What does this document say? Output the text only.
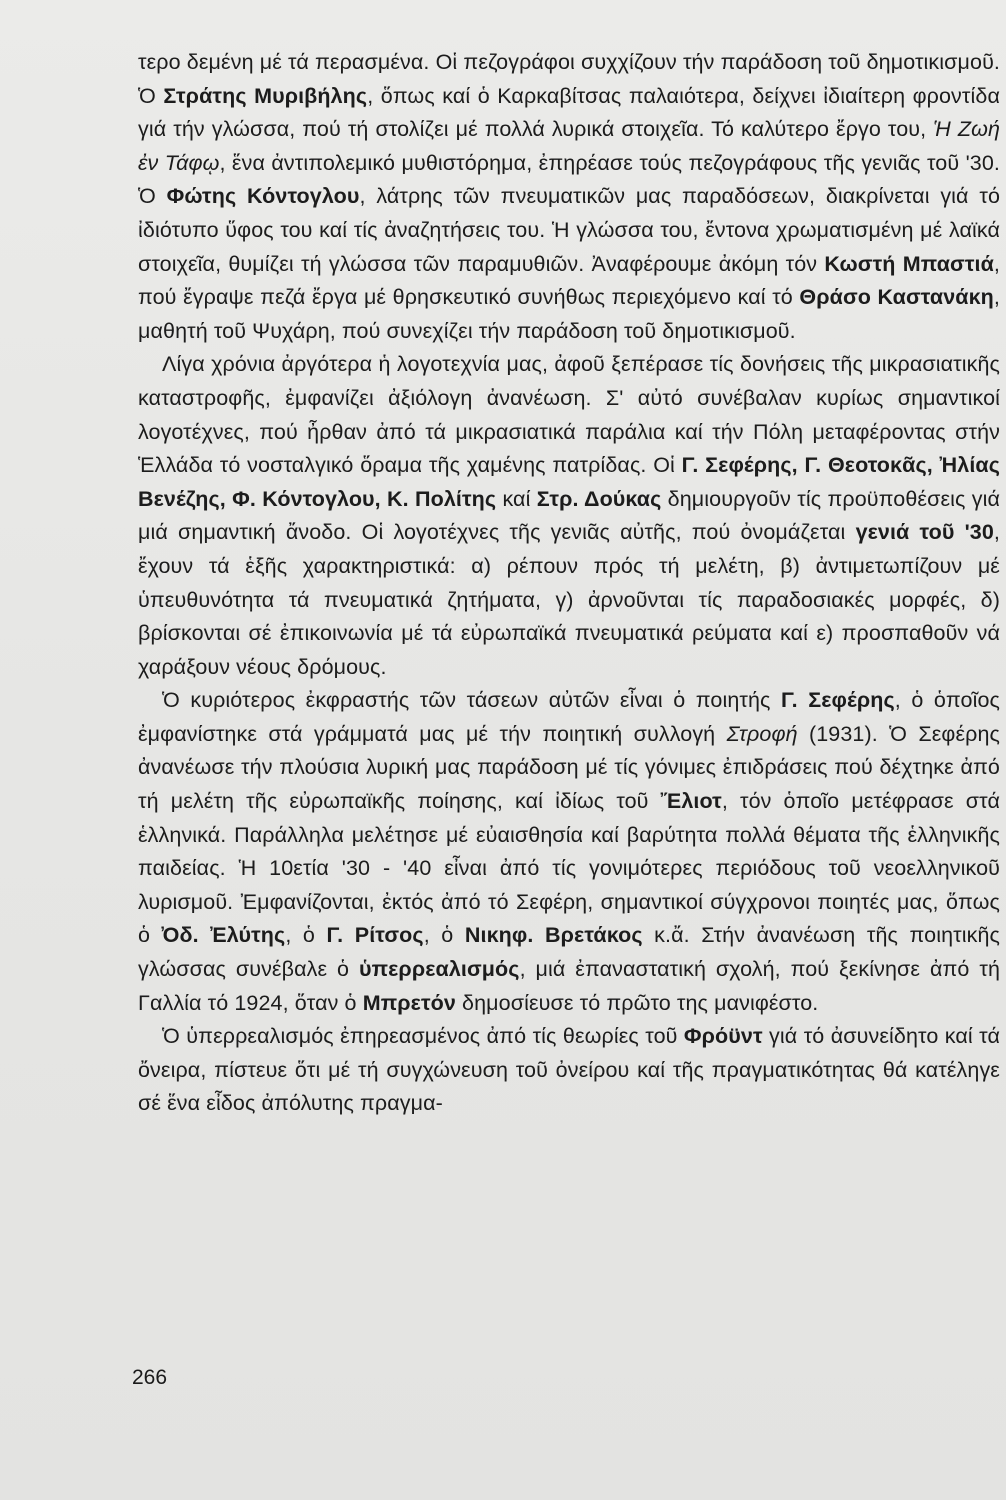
τερο δεμένη μέ τά περασμένα. Οἱ πεζογράφοι συχχίζουν τήν παράδοση τοῦ δημοτικισμοῦ. Ὁ Στράτης Μυριβήλης, ὅπως καί ὁ Καρκαβίτσας παλαιότερα, δείχνει ἰδιαίτερη φροντίδα γιά τήν γλώσσα, πού τή στολίζει μέ πολλά λυρικά στοιχεῖα. Τό καλύτερο ἔργο του, Ἡ Ζωή ἐν Τάφῳ, ἕνα ἀντιπολεμικό μυθιστόρημα, ἐπηρέασε τούς πεζογράφους τῆς γενιᾶς τοῦ '30. Ὁ Φώτης Κόντογλου, λάτρης τῶν πνευματικῶν μας παραδόσεων, διακρίνεται γιά τό ἰδιότυπο ὕφος του καί τίς ἀναζητήσεις του. Ἡ γλώσσα του, ἔντονα χρωματισμένη μέ λαϊκά στοιχεῖα, θυμίζει τή γλώσσα τῶν παραμυθιῶν. Ἀναφέρουμε ἀκόμη τόν Κωστή Μπαστιά, πού ἔγραψε πεζά ἔργα μέ θρησκευτικό συνήθως περιεχόμενο καί τό Θράσο Καστανάκη, μαθητή τοῦ Ψυχάρη, πού συνεχίζει τήν παράδοση τοῦ δημοτικισμοῦ.

Λίγα χρόνια ἀργότερα ἡ λογοτεχνία μας, ἀφοῦ ξεπέρασε τίς δονήσεις τῆς μικρασιατικῆς καταστροφῆς, ἐμφανίζει ἀξιόλογη ἀνανέωση. Σ' αὐτό συνέβαλαν κυρίως σημαντικοί λογοτέχνες, πού ἦρθαν ἀπό τά μικρασιατικά παράλια καί τήν Πόλη μεταφέροντας στήν Ἑλλάδα τό νοσταλγικό ὅραμα τῆς χαμένης πατρίδας. Οἱ Γ. Σεφέρης, Γ. Θεοτοκᾶς, Ἠλίας Βενέζης, Φ. Κόντογλου, Κ. Πολίτης καί Στρ. Δούκας δημιουργοῦν τίς προϋποθέσεις γιά μιά σημαντική ἄνοδο. Οἱ λογοτέχνες τῆς γενιᾶς αὐτῆς, πού ὀνομάζεται γενιά τοῦ '30, ἔχουν τά ἑξῆς χαρακτηριστικά: α) ρέπουν πρός τή μελέτη, β) ἀντιμετωπίζουν μέ ὑπευθυνότητα τά πνευματικά ζητήματα, γ) ἀρνοῦνται τίς παραδοσιακές μορφές, δ) βρίσκονται σέ ἐπικοινωνία μέ τά εὐρωπαϊκά πνευματικά ρεύματα καί ε) προσπαθοῦν νά χαράξουν νέους δρόμους.

Ὁ κυριότερος ἐκφραστής τῶν τάσεων αὐτῶν εἶναι ὁ ποιητής Γ. Σεφέρης, ὁ ὁποῖος ἐμφανίστηκε στά γράμματά μας μέ τήν ποιητική συλλογή Στροφή (1931). Ὁ Σεφέρης ἀνανέωσε τήν πλούσια λυρική μας παράδοση μέ τίς γόνιμες ἐπιδράσεις πού δέχτηκε ἀπό τή μελέτη τῆς εὐρωπαϊκῆς ποίησης, καί ἰδίως τοῦ Ἔλιοτ, τόν ὁποῖο μετέφρασε στά ἑλληνικά. Παράλληλα μελέτησε μέ εὐαισθησία καί βαρύτητα πολλά θέματα τῆς ἑλληνικῆς παιδείας. Ἡ 10ετία '30 - '40 εἶναι ἀπό τίς γονιμότερες περιόδους τοῦ νεοελληνικοῦ λυρισμοῦ. Ἐμφανίζονται, ἐκτός ἀπό τό Σεφέρη, σημαντικοί σύγχρονοι ποιητές μας, ὅπως ὁ Ὀδ. Ἐλύτης, ὁ Γ. Ρίτσος, ὁ Νικηφ. Βρετάκος κ.ἄ. Στήν ἀνανέωση τῆς ποιητικῆς γλώσσας συνέβαλε ὁ ὑπερρεαλισμός, μιά ἐπαναστατική σχολή, πού ξεκίνησε ἀπό τή Γαλλία τό 1924, ὅταν ὁ Μπρετόν δημοσίευσε τό πρῶτο της μανιφέστο.

Ὁ ὑπερρεαλισμός ἐπηρεασμένος ἀπό τίς θεωρίες τοῦ Φρόϋντ γιά τό ἀσυνείδητο καί τά ὄνειρα, πίστευε ὅτι μέ τή συγχώνευση τοῦ ὀνείρου καί τῆς πραγματικότητας θά κατέληγε σέ ἕνα εἶδος ἀπόλυτης πραγμα-

266
